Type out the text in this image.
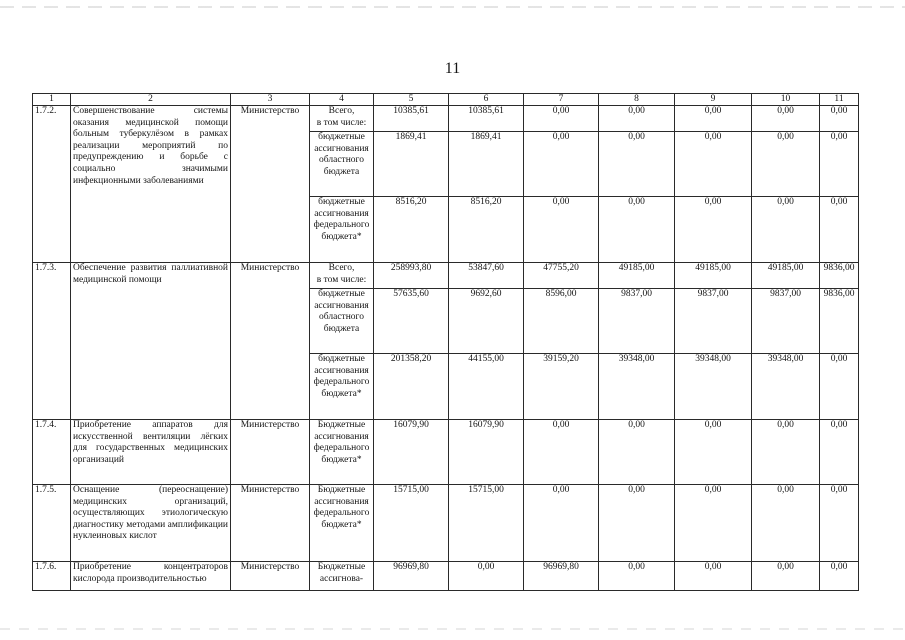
11
1	2	3	4	5	6	7	8	9	10	11
1.7.2.	Совершенствование системы оказания медицинской помощи больным туберкулёзом в рамках реализации мероприятий по предупреждению и борьбе с социально значимыми инфекционными заболеваниями	Министерство	Всего,
в том числе:	10385,61	10385,61	0,00	0,00	0,00	0,00	0,00
			бюджетные ассигнования областного бюджета	1869,41	1869,41	0,00	0,00	0,00	0,00	0,00
			бюджетные ассигнования федерального бюджета*	8516,20	8516,20	0,00	0,00	0,00	0,00	0,00
1.7.3.	Обеспечение развития паллиативной медицинской помощи	Министерство	Всего,
в том числе:	258993,80	53847,60	47755,20	49185,00	49185,00	49185,00	9836,00
			бюджетные ассигнования областного бюджета	57635,60	9692,60	8596,00	9837,00	9837,00	9837,00	9836,00
			бюджетные ассигнования федерального бюджета*	201358,20	44155,00	39159,20	39348,00	39348,00	39348,00	0,00
1.7.4.	Приобретение аппаратов для искусственной вентиляции лёгких для государственных медицинских организаций	Министерство	Бюджетные ассигнования федерального бюджета*	16079,90	16079,90	0,00	0,00	0,00	0,00	0,00
1.7.5.	Оснащение (переоснащение) медицинских организаций, осуществляющих этиологическую диагностику методами амплификации нуклеиновых кислот	Министерство	Бюджетные ассигнования федерального бюджета*	15715,00	15715,00	0,00	0,00	0,00	0,00	0,00
1.7.6.	Приобретение концентраторов кислорода производительностью	Министерство	Бюджетные ассигнова-	96969,80	0,00	96969,80	0,00	0,00	0,00	0,00
